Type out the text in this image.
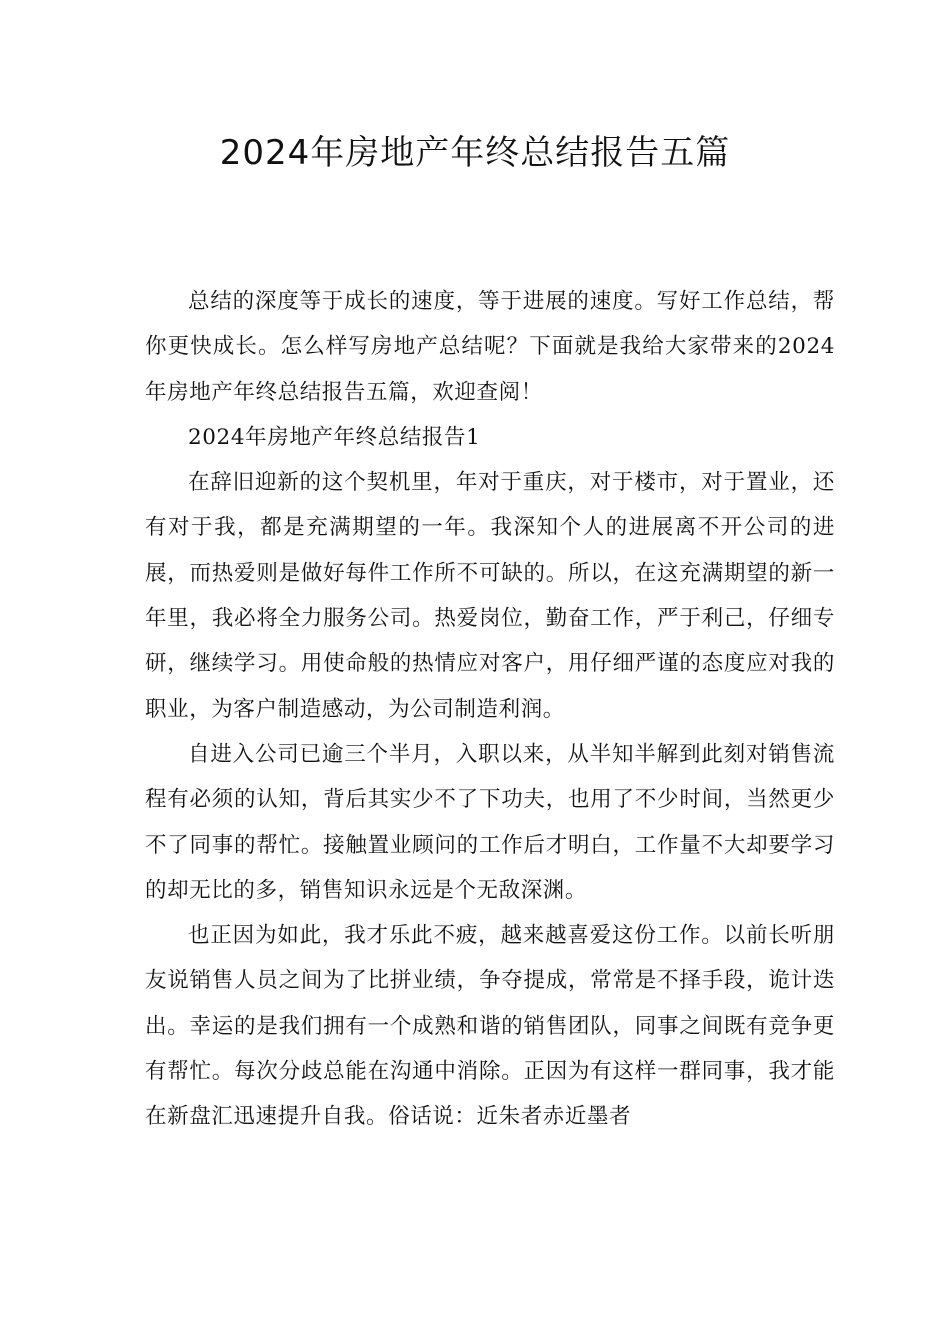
2024年房地产年终总结报告五篇

总结的深度等于成长的速度，等于进展的速度。写好工作总结，帮你更快成长。怎么样写房地产总结呢？下面就是我给大家带来的2024年房地产年终总结报告五篇，欢迎查阅！

2024年房地产年终总结报告1

在辞旧迎新的这个契机里，年对于重庆，对于楼市，对于置业，还有对于我，都是充满期望的一年。我深知个人的进展离不开公司的进展，而热爱则是做好每件工作所不可缺的。所以，在这充满期望的新一年里，我必将全力服务公司。热爱岗位，勤奋工作，严于利己，仔细专研，继续学习。用使命般的热情应对客户，用仔细严谨的态度应对我的职业，为客户制造感动，为公司制造利润。

自进入公司已逾三个半月，入职以来，从半知半解到此刻对销售流程有必须的认知，背后其实少不了下功夫，也用了不少时间，当然更少不了同事的帮忙。接触置业顾问的工作后才明白，工作量不大却要学习的却无比的多，销售知识永远是个无敌深渊。

也正因为如此，我才乐此不疲，越来越喜爱这份工作。以前长听朋友说销售人员之间为了比拼业绩，争夺提成，常常是不择手段，诡计迭出。幸运的是我们拥有一个成熟和谐的销售团队，同事之间既有竞争更有帮忙。每次分歧总能在沟通中消除。正因为有这样一群同事，我才能在新盘汇迅速提升自我。俗话说：近朱者赤近墨者
